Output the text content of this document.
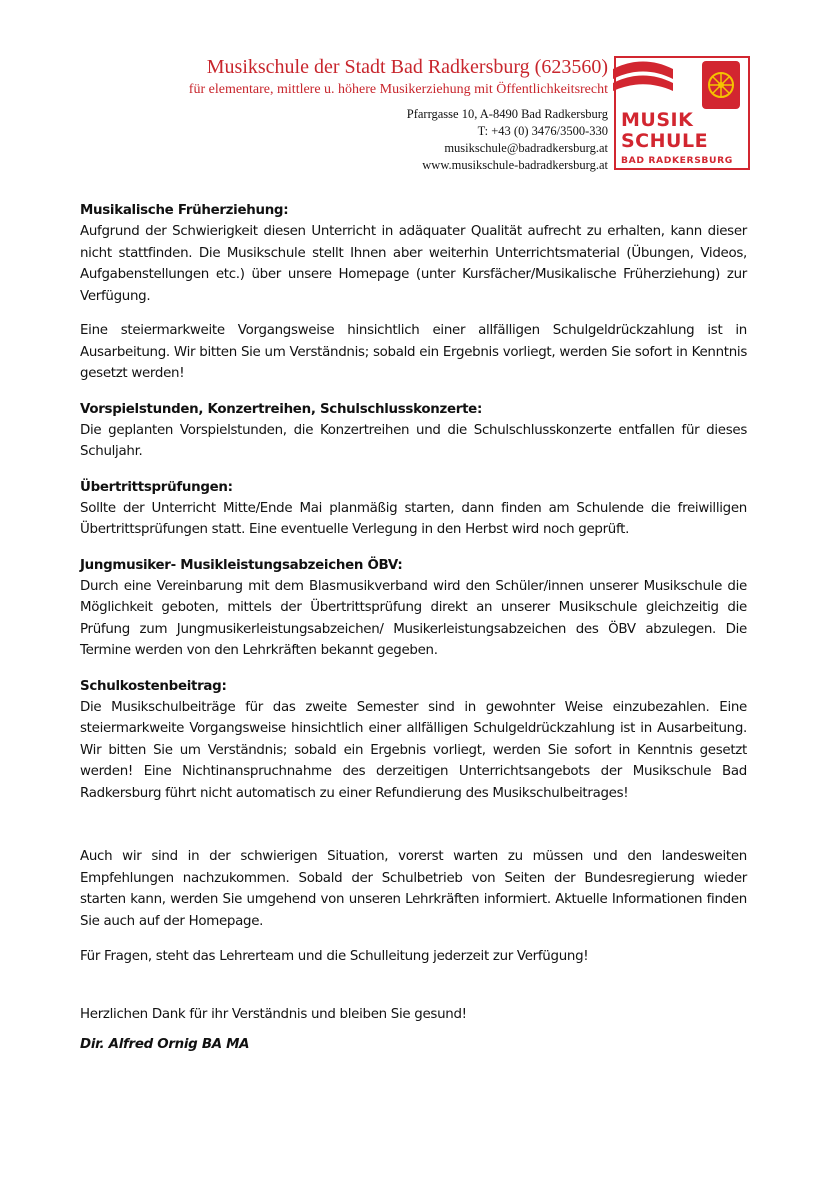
Musikschule der Stadt Bad Radkersburg (623560)
für elementare, mittlere u. höhere Musikerziehung mit Öffentlichkeitsrecht
Pfarrgasse 10, A-8490 Bad Radkersburg
T: +43 (0) 3476/3500-330
musikschule@badradkersburg.at
www.musikschule-badradkersburg.at
MUSIK
SCHULE
BAD RADKERSBURG
Musikalische Früherziehung:

Aufgrund der Schwierigkeit diesen Unterricht in adäquater Qualität aufrecht zu erhalten, kann dieser nicht stattfinden. Die Musikschule stellt Ihnen aber weiterhin Unterrichtsmaterial (Übungen, Videos, Aufgabenstellungen etc.) über unsere Homepage (unter Kursfächer/Musikalische Früherziehung) zur Verfügung.

Eine steiermarkweite Vorgangsweise hinsichtlich einer allfälligen Schulgeldrückzahlung ist in Ausarbeitung. Wir bitten Sie um Verständnis; sobald ein Ergebnis vorliegt, werden Sie sofort in Kenntnis gesetzt werden!

Vorspielstunden, Konzertreihen, Schulschlusskonzerte:

Die geplanten Vorspielstunden, die Konzertreihen und die Schulschlusskonzerte entfallen für dieses Schuljahr.

Übertrittsprüfungen:

Sollte der Unterricht Mitte/Ende Mai planmäßig starten, dann finden am Schulende die freiwilligen Übertrittsprüfungen statt. Eine eventuelle Verlegung in den Herbst wird noch geprüft.

Jungmusiker- Musikleistungsabzeichen ÖBV:

Durch eine Vereinbarung mit dem Blasmusikverband wird den Schüler/innen unserer Musikschule die Möglichkeit geboten, mittels der Übertrittsprüfung direkt an unserer Musikschule gleichzeitig die Prüfung zum Jungmusikerleistungsabzeichen/ Musikerleistungsabzeichen des ÖBV abzulegen. Die Termine werden von den Lehrkräften bekannt gegeben.

Schulkostenbeitrag:

Die Musikschulbeiträge für das zweite Semester sind in gewohnter Weise einzubezahlen. Eine steiermarkweite Vorgangsweise hinsichtlich einer allfälligen Schulgeldrückzahlung ist in Ausarbeitung. Wir bitten Sie um Verständnis; sobald ein Ergebnis vorliegt, werden Sie sofort in Kenntnis gesetzt werden! Eine Nichtinanspruchnahme des derzeitigen Unterrichtsangebots der Musikschule Bad Radkersburg führt nicht automatisch zu einer Refundierung des Musikschulbeitrages!

Auch wir sind in der schwierigen Situation, vorerst warten zu müssen und den landesweiten Empfehlungen nachzukommen. Sobald der Schulbetrieb von Seiten der Bundesregierung wieder starten kann, werden Sie umgehend von unseren Lehrkräften informiert. Aktuelle Informationen finden Sie auch auf der Homepage.

Für Fragen, steht das Lehrerteam und die Schulleitung jederzeit zur Verfügung!

Herzlichen Dank für ihr Verständnis und bleiben Sie gesund!

Dir. Alfred Ornig BA MA
